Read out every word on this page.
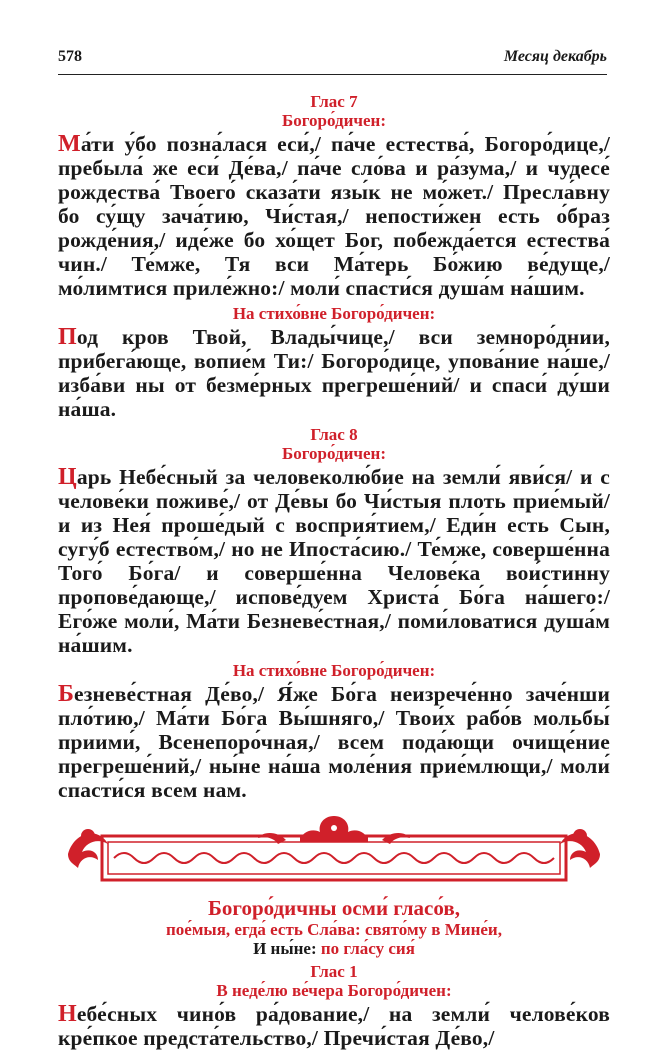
578	Месяц декабрь
Глас 7
Богоро́дичен:

Ма́ти у́бо позна́лася еси́,/ па́че естества́, Богоро́дице,/ пребыла́ же еси́ Де́ва,/ па́че сло́ва и ра́зума,/ и чудесе́ рождества́ Твоего́ сказа́ти язы́к не мо́жет./ Пресла́вну бо су́щу зача́тию, Чи́стая,/ непости́жен есть о́браз рожде́ния,/ иде́же бо хо́щет Бог, побежда́ется естества́ чин./ Те́мже, Тя вси Ма́терь Бо́жию ве́дуще,/ мо́лимтися приле́жно:/ моли́ спасти́ся душа́м на́шим.

На стихо́вне Богоро́дичен:

Под кров Твой, Влады́чице,/ вси земноро́днии, прибега́юще, вопие́м Ти:/ Богоро́дице, упова́ние на́ше,/ изба́ви ны от безме́рных прегреше́ний/ и спаси́ ду́ши на́ша.

Глас 8
Богоро́дичен:

Царь Небе́сный за человеколю́бие на земли́ яви́ся/ и с челове́ки поживе́,/ от Де́вы бо Чи́стыя плоть прие́мый/ и из Нея́ проше́дый с восприя́тием,/ Еди́н есть Сын, сугу́б естество́м,/ но не Ипоста́сию./ Те́мже, соверше́нна Того́ Бо́га/ и соверше́нна Челове́ка вои́стинну пропове́дающе,/ испове́дуем Христа́ Бо́га на́шего:/ Его́же моли́, Ма́ти Безневе́стная,/ поми́ловатися душа́м на́шим.

На стихо́вне Богоро́дичен:

Безневе́стная Де́во,/ Я́же Бо́га неизрече́нно заче́нши пло́тию,/ Ма́ти Бо́га Вы́шняго,/ Твои́х рабо́в мольбы́ приими́, Всенепоро́чная,/ всем пода́ющи очище́ние прегреше́ний,/ ны́не на́ша моле́ния прие́млющи,/ моли́ спасти́ся всем нам.

Богоро́дичны осми́ гласо́в,
пое́мыя, егда́ есть Сла́ва: свято́му в Мине́и,
И ны́не: по гла́су сия́
Глас 1
В неде́лю ве́чера Богоро́дичен:

Небе́сных чино́в ра́дование,/ на земли́ челове́ков кре́пкое предста́тельство,/ Пречи́стая Де́во,/
